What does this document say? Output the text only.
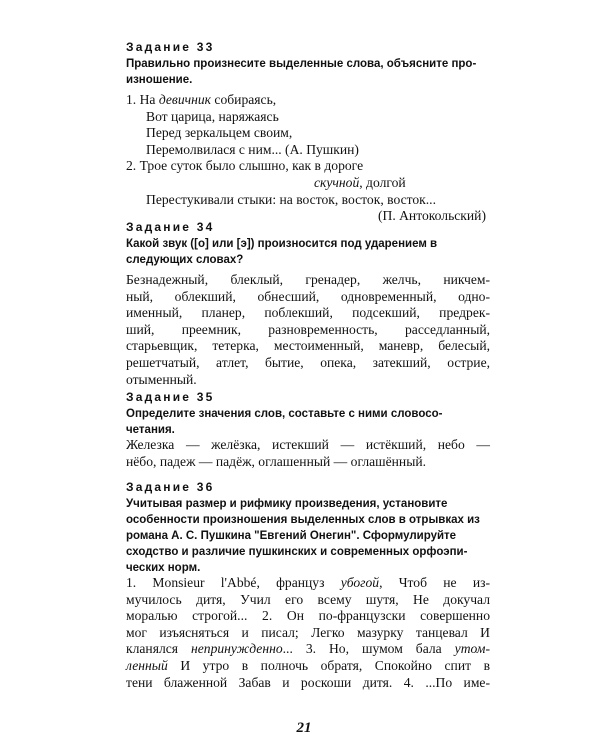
Задание 33
Правильно произнесите выделенные слова, объясните про-
изношение.
1. На девичник собираясь,
Вот царица, наряжаясь
Перед зеркальцем своим,
Перемолвилася с ним... (А. Пушкин)
2. Трое суток было слышно, как в дороге
скучной, долгой
Перестукивали стыки: на восток, восток, восток...
(П. Антокольский)
Задание 34
Какой звук ([о] или [э]) произносится под ударением в
следующих словах?
Безнадежный, блеклый, гренадер, желчь, никчем-
ный, облекший, обнесший, одновременный, одно-
именный, планер, поблекший, подсекший, предрек-
ший, преемник, разновременность, расседланный,
старьевщик, тетерка, местоименный, маневр, белесый,
решетчатый, атлет, бытие, опека, затекший, острие,
отыменный.
Задание 35
Определите значения слов, составьте с ними словосо-
четания.
Железка — желёзка, истекший — истёкший, небо —
нёбо, падеж — падёж, оглашенный — оглашённый.
Задание 36
Учитывая размер и рифмику произведения, установите
особенности произношения выделенных слов в отрывках из
романа А. С. Пушкина "Евгений Онегин". Сформулируйте
сходство и различие пушкинских и современных орфоэпи-
ческих норм.
1. Monsieur l'Abbé, француз убогой, Чтоб не из-
мучилось дитя, Учил его всему шутя, Не докучал
моралью строгой... 2. Он по-французски совершенно
мог изъясняться и писал; Легко мазурку танцевал И
кланялся непринужденно... 3. Но, шумом бала утом-
ленный И утро в полночь обратя, Спокойно спит в
тени блаженной Забав и роскоши дитя. 4. ...По име-
21
